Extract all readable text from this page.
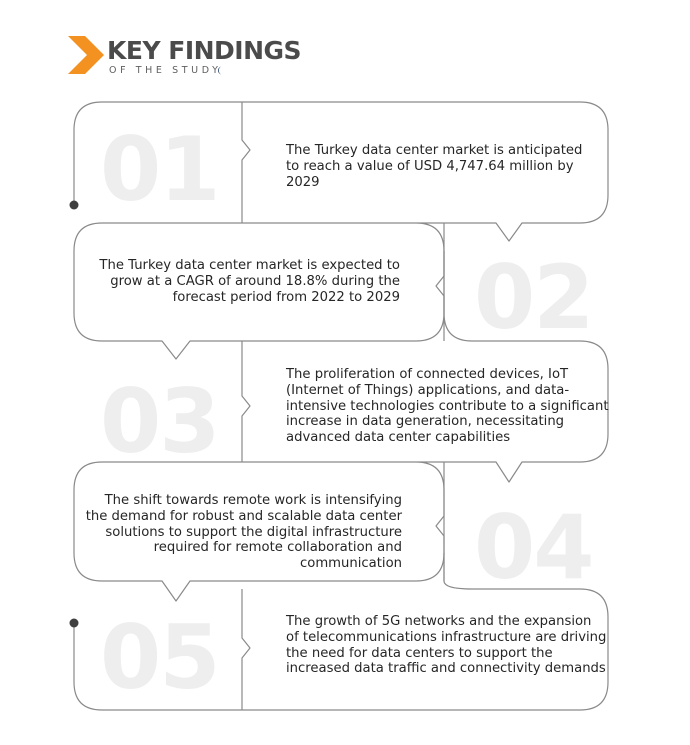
KEY FINDINGS
OF THE STUDY
01
02
03
04
05
The Turkey data center market is anticipated to reach a value of USD 4,747.64 million by 2029
The Turkey data center market is expected to grow at a CAGR of around 18.8% during the forecast period from 2022 to 2029
The proliferation of connected devices, IoT (Internet of Things) applications, and data-intensive technologies contribute to a significant increase in data generation, necessitating advanced data center capabilities
The shift towards remote work is intensifying the demand for robust and scalable data center solutions to support the digital infrastructure required for remote collaboration and communication
The growth of 5G networks and the expansion of telecommunications infrastructure are driving the need for data centers to support the increased data traffic and connectivity demands
